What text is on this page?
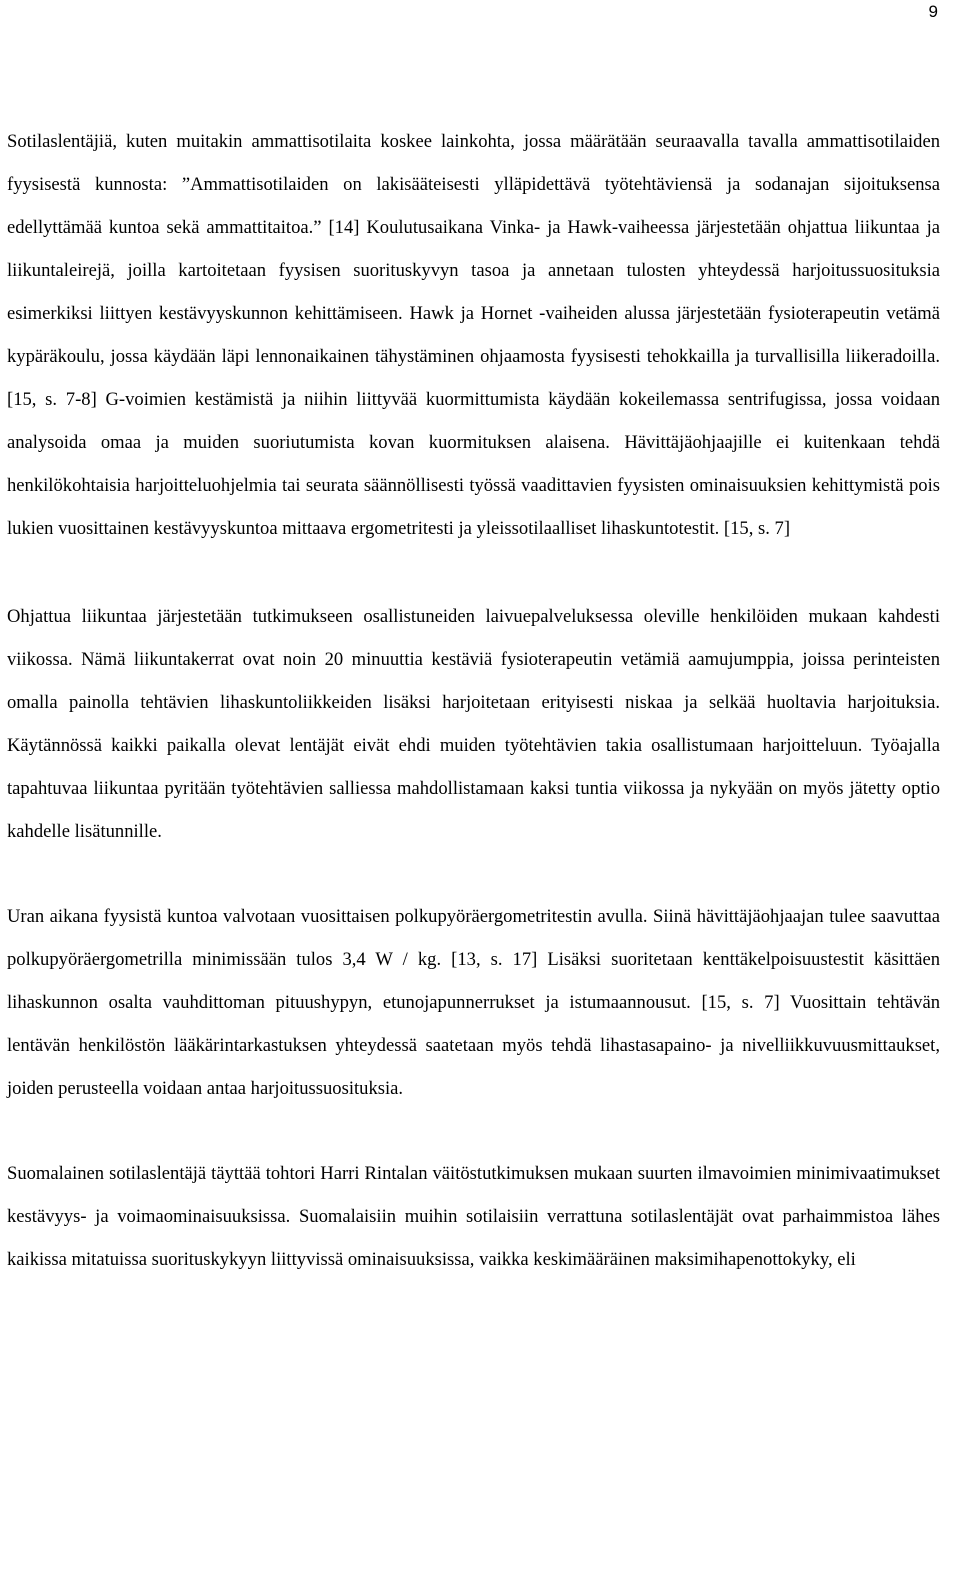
9

Sotilaslentäjiä, kuten muitakin ammattisotilaita koskee lainkohta, jossa määrätään seuraavalla tavalla ammattisotilaiden fyysisestä kunnosta: ”Ammattisotilaiden on lakisääteisesti ylläpidettävä työtehtäviensä ja sodanajan sijoituksensa edellyttämää kuntoa sekä ammattitaitoa.” [14] Koulutusaikana Vinka- ja Hawk-vaiheessa järjestetään ohjattua liikuntaa ja liikuntaleirejä, joilla kartoitetaan fyysisen suorituskyvyn tasoa ja annetaan tulosten yhteydessä harjoitussuosituksia esimerkiksi liittyen kestävyyskunnon kehittämiseen. Hawk ja Hornet -vaiheiden alussa järjestetään fysioterapeutin vetämä kypäräkoulu, jossa käydään läpi lennonaikainen tähystäminen ohjaamosta fyysisesti tehokkailla ja turvallisilla liikeradoilla. [15, s. 7-8] G-voimien kestämistä ja niihin liittyvää kuormittumista käydään kokeilemassa sentrifugissa, jossa voidaan analysoida omaa ja muiden suoriutumista kovan kuormituksen alaisena. Hävittäjäohjaajille ei kuitenkaan tehdä henkilökohtaisia harjoitteluohjelmia tai seurata säännöllisesti työssä vaadittavien fyysisten ominaisuuksien kehittymistä pois lukien vuosittainen kestävyyskuntoa mittaava ergometritesti ja yleissotilaalliset lihaskuntotestit. [15, s. 7]

Ohjattua liikuntaa järjestetään tutkimukseen osallistuneiden laivuepalveluksessa oleville henkilöiden mukaan kahdesti viikossa. Nämä liikuntakerrat ovat noin 20 minuuttia kestäviä fysioterapeutin vetämiä aamujumppia, joissa perinteisten omalla painolla tehtävien lihaskuntoliikkeiden lisäksi harjoitetaan erityisesti niskaa ja selkää huoltavia harjoituksia. Käytännössä kaikki paikalla olevat lentäjät eivät ehdi muiden työtehtävien takia osallistumaan harjoitteluun. Työajalla tapahtuvaa liikuntaa pyritään työtehtävien salliessa mahdollistamaan kaksi tuntia viikossa ja nykyään on myös jätetty optio kahdelle lisätunnille.

Uran aikana fyysistä kuntoa valvotaan vuosittaisen polkupyöräergometritestin avulla. Siinä hävittäjäohjaajan tulee saavuttaa polkupyöräergometrilla minimissään tulos 3,4 W / kg. [13, s. 17] Lisäksi suoritetaan kenttäkelpoisuustestit käsittäen lihaskunnon osalta vauhdittoman pituushypyn, etunojapunnerrukset ja istumaannousut. [15, s. 7] Vuosittain tehtävän lentävän henkilöstön lääkärintarkastuksen yhteydessä saatetaan myös tehdä lihastasapaino- ja nivelliikkuvuusmittaukset, joiden perusteella voidaan antaa harjoitussuosituksia.

Suomalainen sotilaslentäjä täyttää tohtori Harri Rintalan väitöstutkimuksen mukaan suurten ilmavoimien minimivaatimukset kestävyys- ja voimaominaisuuksissa. Suomalaisiin muihin sotilaisiin verrattuna sotilaslentäjät ovat parhaimmistoa lähes kaikissa mitatuissa suorituskykyyn liittyvissä ominaisuuksissa, vaikka keskimääräinen maksimihapenottokyky, eli
